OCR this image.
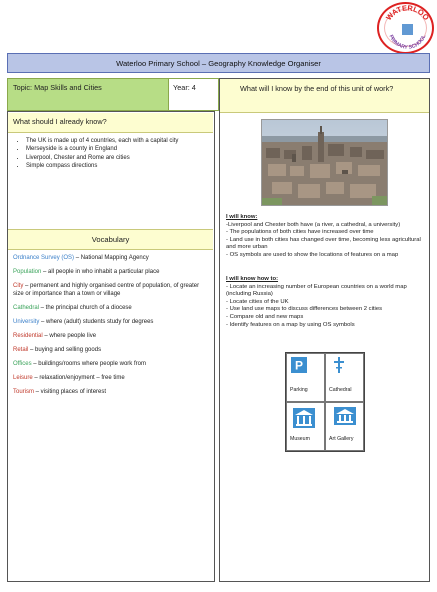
WATERLOO
PRIMARY SCHOOL
Waterloo Primary School – Geography Knowledge Organiser
Topic: Map Skills and Cities	Year: 4	What will I know by the end of this unit of work?
What should I already know?
• The UK is made up of 4 countries, each with a capital city
• Merseyside is a county in England
• Liverpool, Chester and Rome are cities
• Simple compass directions
Vocabulary
Ordnance Survey (OS) – National Mapping Agency
Population – all people in who inhabit a particular place
City – permanent and highly organised centre of population, of greater size or importance than a town or village
Cathedral – the principal church of a diocese
University – where (adult) students study for degrees
Residential – where people live
Retail – buying and selling goods
Offices – buildings/rooms where people work from
Leisure – relaxation/enjoyment – free time
Tourism – visiting places of interest
I will know:
-Liverpool and Chester both have (a river, a cathedral, a university)
- The populations of both cities have increased over time
- Land use in both cities has changed over time, becoming less agricultural and more urban
- OS symbols are used to show the locations of features on a map
I will know how to:
- Locate an increasing number of European countries on a world map (including Russia)
- Locate cities of the UK
- Use land use maps to discuss differences between 2 cities
- Compare old and new maps
- Identify features on a map by using OS symbols
P
Parking	Cathedral
Museum	Art Gallery
